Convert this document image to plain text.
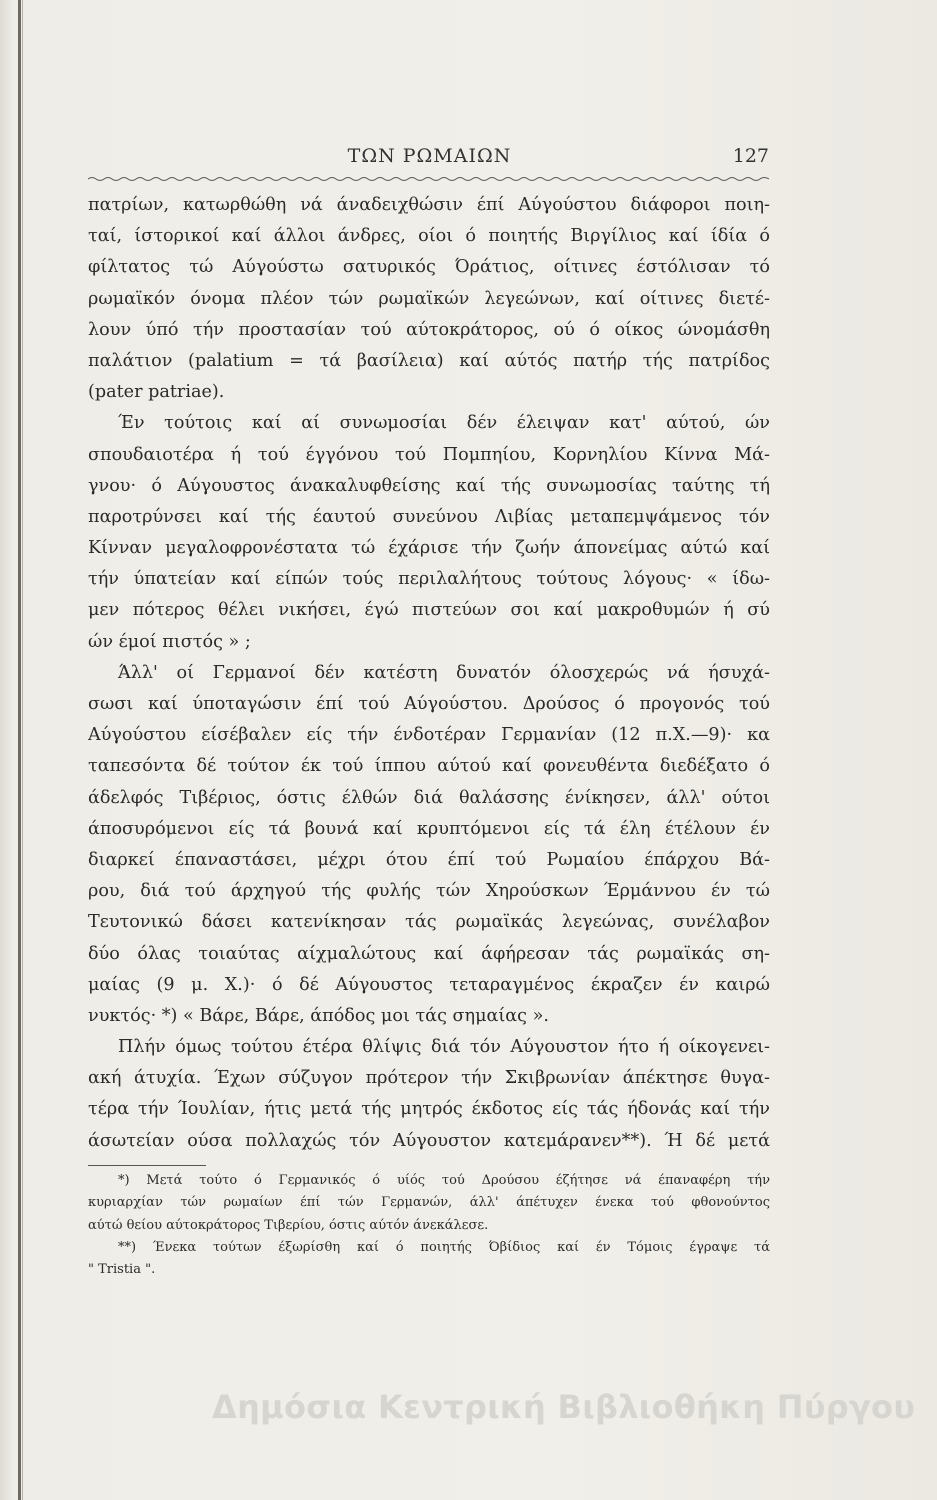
ΤΩΝ ΡΩΜΑΙΩΝ	127
πατρίων, κατωρθώθη νά άναδειχθώσιν έπί Αύγούστου διάφοροι ποιη-
ταί, ίστορικοί καί άλλοι άνδρες, οίοι ό ποιητής Βιργίλιος καί ίδία ό
φίλτατος τώ Αύγούστω σατυρικός Όράτιος, οίτινες έστόλισαν τό
ρωμαϊκόν όνομα πλέον τών ρωμαϊκών λεγεώνων, καί οίτινες διετέ-
λουν ύπό τήν προστασίαν τού αύτοκράτορος, ού ό οίκος ώνομάσθη
παλάτιον (palatium = τά βασίλεια) καί αύτός πατήρ τής πατρίδος
(pater patriae).
Έν τούτοις καί αί συνωμοσίαι δέν έλειψαν κατ' αύτού, ών
σπουδαιοτέρα ή τού έγγόνου τού Πομπηίου, Κορνηλίου Κίννα Μά-
γνου· ό Αύγουστος άνακαλυφθείσης καί τής συνωμοσίας ταύτης τή
παροτρύνσει καί τής έαυτού συνεύνου Λιβίας μεταπεμψάμενος τόν
Κίνναν μεγαλοφρονέστατα τώ έχάρισε τήν ζωήν άπονείμας αύτώ καί
τήν ύπατείαν καί είπών τούς περιλαλήτους τούτους λόγους· « ίδω-
μεν πότερος θέλει νικήσει, έγώ πιστεύων σοι καί μακροθυμών ή σύ
ών έμοί πιστός » ;
Άλλ' οί Γερμανοί δέν κατέστη δυνατόν όλοσχερώς νά ήσυχά-
σωσι καί ύποταγώσιν έπί τού Αύγούστου. Δρούσος ό προγονός τού
Αύγούστου είσέβαλεν είς τήν ένδοτέραν Γερμανίαν (12 π.Χ.—9)· κα
ταπεσόντα δέ τούτον έκ τού ίππου αύτού καί φονευθέντα διεδέξατο ό
άδελφός Τιβέριος, όστις έλθών διά θαλάσσης ένίκησεν, άλλ' ούτοι
άποσυρόμενοι είς τά βουνά καί κρυπτόμενοι είς τά έλη έτέλουν έν
διαρκεί έπαναστάσει, μέχρι ότου έπί τού Ρωμαίου έπάρχου Βά-
ρου, διά τού άρχηγού τής φυλής τών Χηρούσκων Έρμάννου έν τώ
Τευτονικώ δάσει κατενίκησαν τάς ρωμαϊκάς λεγεώνας, συνέλαβον
δύο όλας τοιαύτας αίχμαλώτους καί άφήρεσαν τάς ρωμαϊκάς ση-
μαίας (9 μ. Χ.)· ό δέ Αύγουστος τεταραγμένος έκραζεν έν καιρώ
νυκτός· *) « Βάρε, Βάρε, άπόδος μοι τάς σημαίας ».
Πλήν όμως τούτου έτέρα θλίψις διά τόν Αύγουστον ήτο ή οίκογενει-
ακή άτυχία. Έχων σύζυγον πρότερον τήν Σκιβρωνίαν άπέκτησε θυγα-
τέρα τήν Ίουλίαν, ήτις μετά τής μητρός έκδοτος είς τάς ήδονάς καί τήν
άσωτείαν ούσα πολλαχώς τόν Αύγουστον κατεμάρανεν**). Ή δέ μετά
*) Μετά τούτο ό Γερμανικός ό υίός τού Δρούσου έζήτησε νά έπαναφέρη τήν
κυριαρχίαν τών ρωμαίων έπί τών Γερμανών, άλλ' άπέτυχεν ένεκα τού φθονούντος
αύτώ θείου αύτοκράτορος Τιβερίου, όστις αύτόν άνεκάλεσε.
**) Ένεκα τούτων έξωρίσθη καί ό ποιητής Όβίδιος καί έν Τόμοις έγραψε τά
" Tristia ".
Δημόσια Κεντρική Βιβλιοθήκη Πύργου
